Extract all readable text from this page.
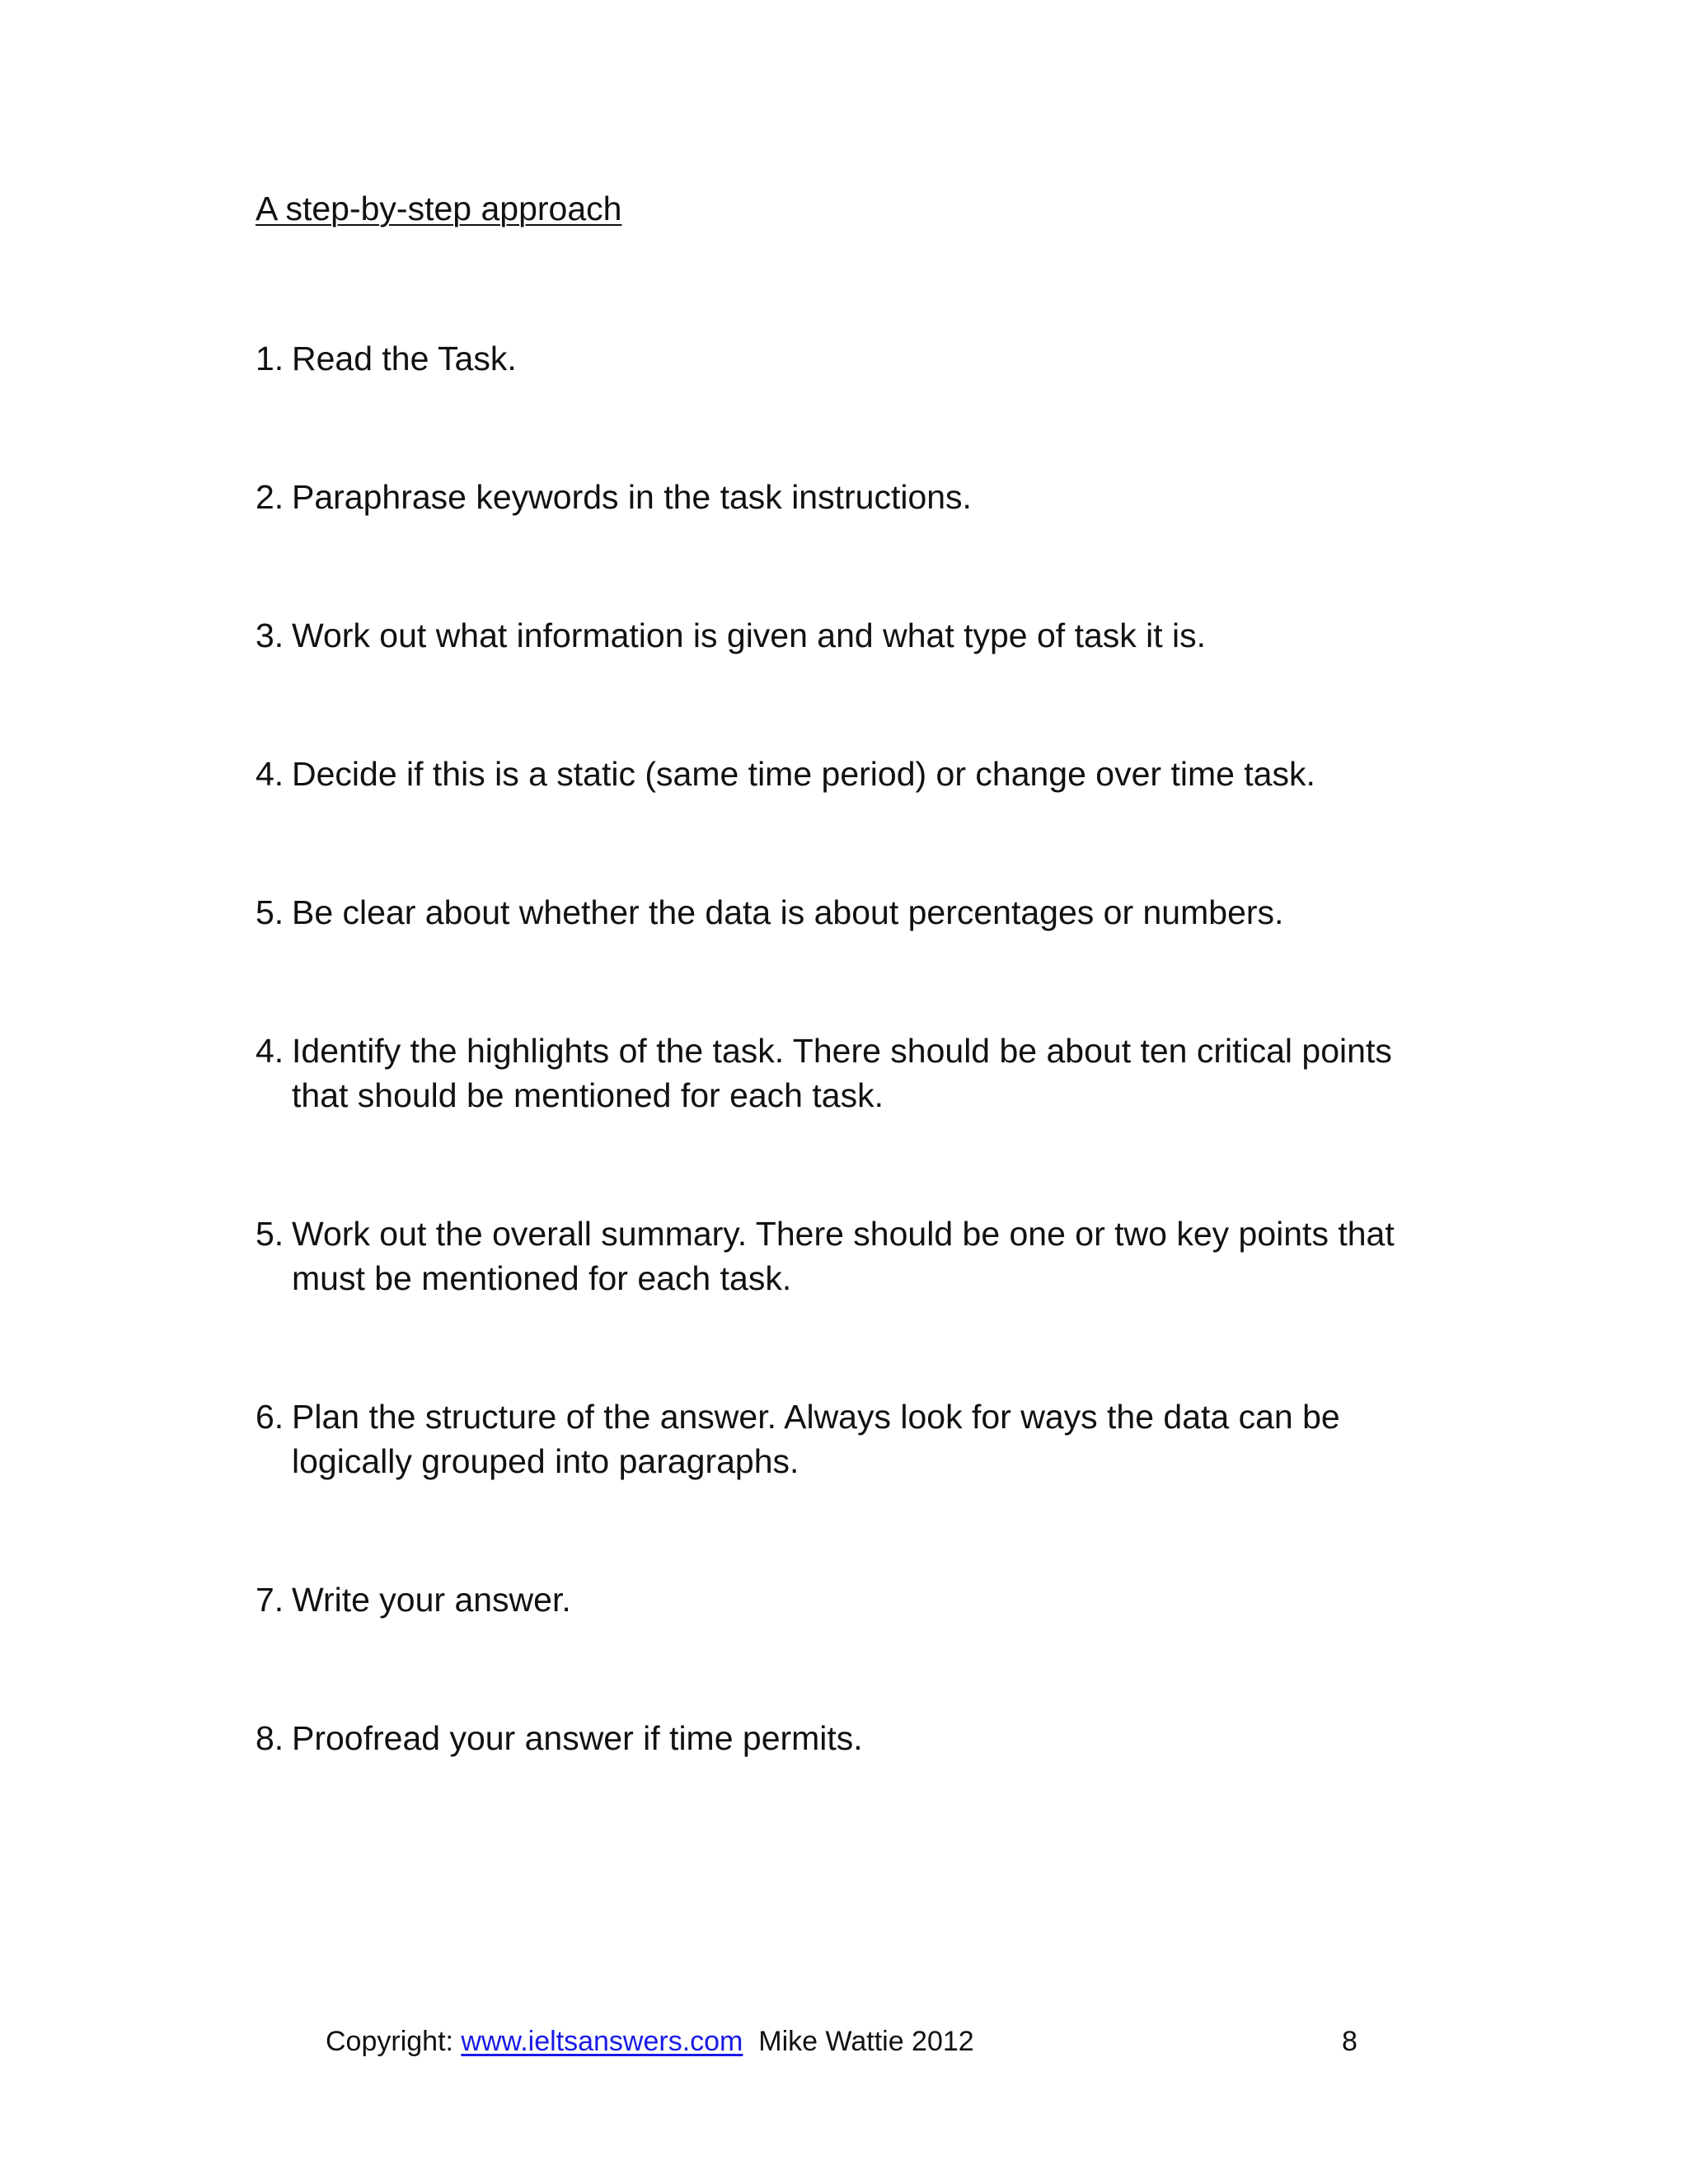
A step-by-step approach
1. Read the Task.
2. Paraphrase keywords in the task instructions.
3. Work out what information is given and what type of task it is.
4. Decide if this is a static (same time period) or change over time task.
5. Be clear about whether the data is about percentages or numbers.
4. Identify the highlights of the task. There should be about ten critical points that should be mentioned for each task.
5. Work out the overall summary. There should be one or two key points that must be mentioned for each task.
6. Plan the structure of the answer. Always look for ways the data can be logically grouped into paragraphs.
7. Write your answer.
8. Proofread your answer if time permits.
Copyright: www.ieltsanswers.com  Mike Wattie 2012	8
